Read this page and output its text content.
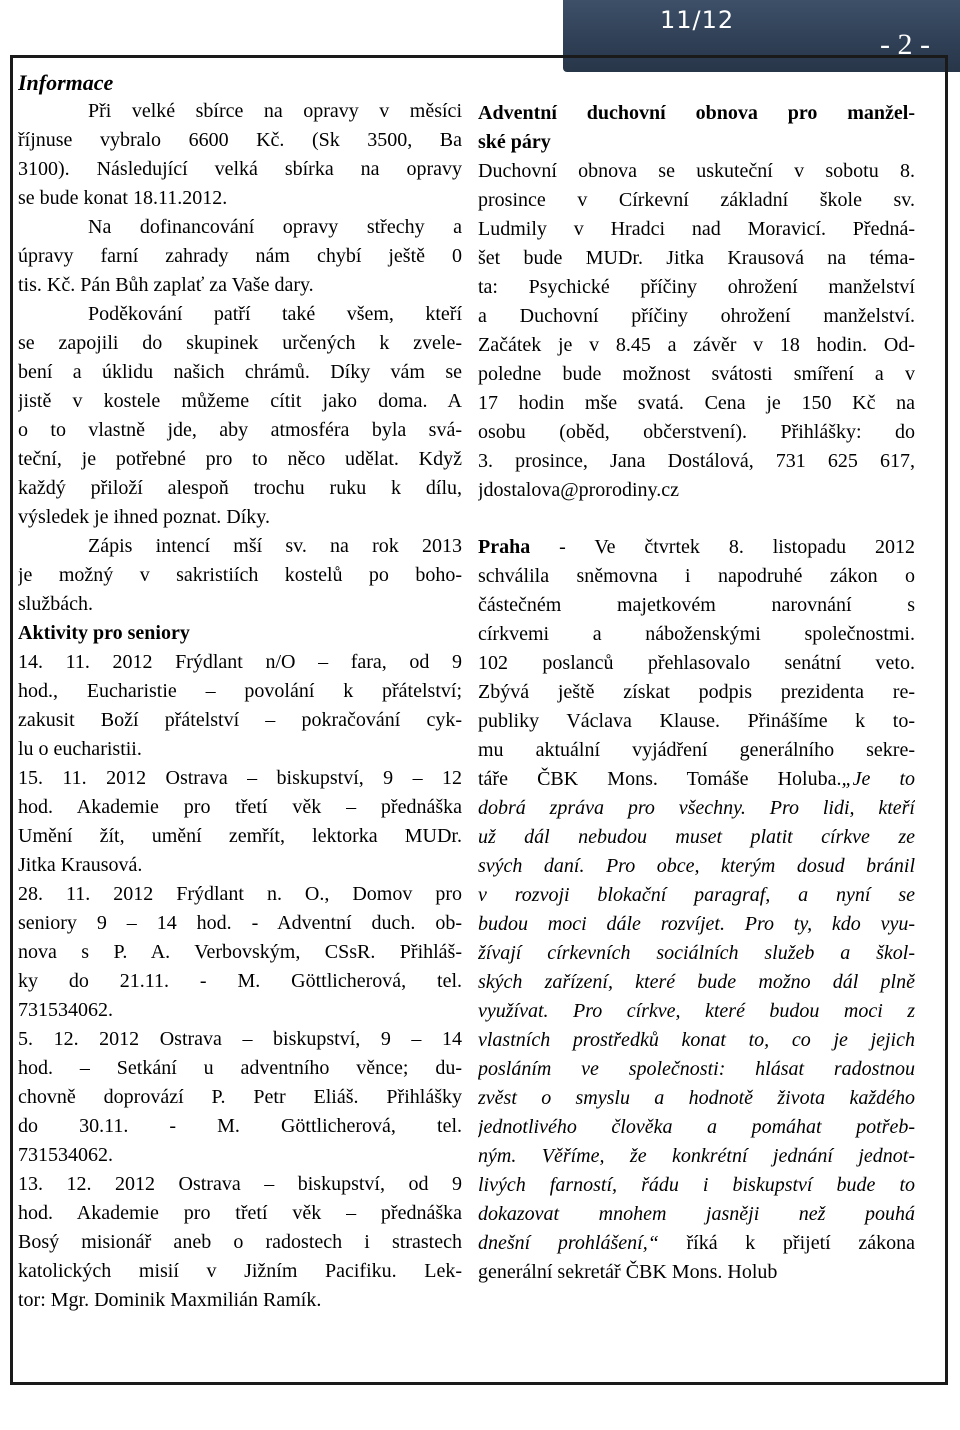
11/12
- 2 -

Informace

Při velké sbírce na opravy v měsíci

říjnuse vybralo 6600 Kč. (Sk 3500, Ba

3100). Následující velká sbírka na opravy

se bude konat 18.11.2012.

Na dofinancování opravy střechy a

úpravy farní zahrady nám chybí ještě 0

tis. Kč. Pán Bůh zaplať za Vaše dary.

Poděkování patří také všem, kteří

se zapojili do skupinek určených k zvele-

bení a úklidu našich chrámů. Díky vám se

jistě v kostele můžeme cítit jako doma. A

o to vlastně jde, aby atmosféra byla svá-

teční, je potřebné pro to něco udělat. Když

každý přiloží alespoň trochu ruku k dílu,

výsledek je ihned poznat. Díky.

Zápis intencí mší sv. na rok 2013

je možný v sakristiích kostelů po boho-

službách.

Aktivity pro seniory

14. 11. 2012 Frýdlant n/O – fara, od 9

hod., Eucharistie – povolání k přátelství;

zakusit Boží přátelství – pokračování cyk-

lu o eucharistii.

15. 11. 2012 Ostrava – biskupství, 9 – 12

hod. Akademie pro třetí věk – přednáška

Umění žít, umění zemřít, lektorka MUDr.

Jitka Krausová.

28. 11. 2012 Frýdlant n. O., Domov pro

seniory 9 – 14 hod. - Adventní duch. ob-

nova s P. A. Verbovským, CSsR. Přihláš-

ky do 21.11. - M. Göttlicherová, tel.

731534062.

5. 12. 2012 Ostrava – biskupství, 9 – 14

hod. – Setkání u adventního věnce; du-

chovně doprovází P. Petr Eliáš. Přihlášky

do 30.11. - M. Göttlicherová, tel.

731534062.

13. 12. 2012 Ostrava – biskupství, od 9

hod. Akademie pro třetí věk – přednáška

Bosý misionář aneb o radostech i strastech

katolických misií v Jižním Pacifiku. Lek-

tor: Mgr. Dominik Maxmilián Ramík.

Adventní duchovní obnova pro manžel-

ské páry

Duchovní obnova se uskuteční v sobotu 8.

prosince v Církevní základní škole sv.

Ludmily v Hradci nad Moravicí. Předná-

šet bude MUDr. Jitka Krausová na téma-

ta: Psychické příčiny ohrožení manželství

a Duchovní příčiny ohrožení manželství.

Začátek je v 8.45 a závěr v 18 hodin. Od-

poledne bude možnost svátosti smíření a v

17 hodin mše svatá. Cena je 150 Kč na

osobu (oběd, občerstvení). Přihlášky: do

3. prosince, Jana Dostálová, 731 625 617,

jdostalova@prorodiny.cz

Praha - Ve čtvrtek 8. listopadu 2012

schválila sněmovna i napodruhé zákon o

částečném majetkovém narovnání s

církvemi a náboženskými společnostmi.

102 poslanců přehlasovalo senátní veto.

Zbývá ještě získat podpis prezidenta re-

publiky Václava Klause. Přinášíme k to-

mu aktuální vyjádření generálního sekre-

táře ČBK Mons. Tomáše Holuba.„Je to

dobrá zpráva pro všechny. Pro lidi, kteří

už dál nebudou muset platit církve ze

svých daní. Pro obce, kterým dosud bránil

v rozvoji blokační paragraf, a nyní se

budou moci dále rozvíjet. Pro ty, kdo vyu-

žívají církevních sociálních služeb a škol-

ských zařízení, které bude možno dál plně

využívat. Pro církve, které budou moci z

vlastních prostředků konat to, co je jejich

posláním ve společnosti: hlásat radostnou

zvěst o smyslu a hodnotě života každého

jednotlivého člověka a pomáhat potřeb-

ným. Věříme, že konkrétní jednání jednot-

livých farností, řádu i biskupství bude to

dokazovat mnohem jasněji než pouhá

dnešní prohlášení,“ říká k přijetí zákona

generální sekretář ČBK Mons. Holub
